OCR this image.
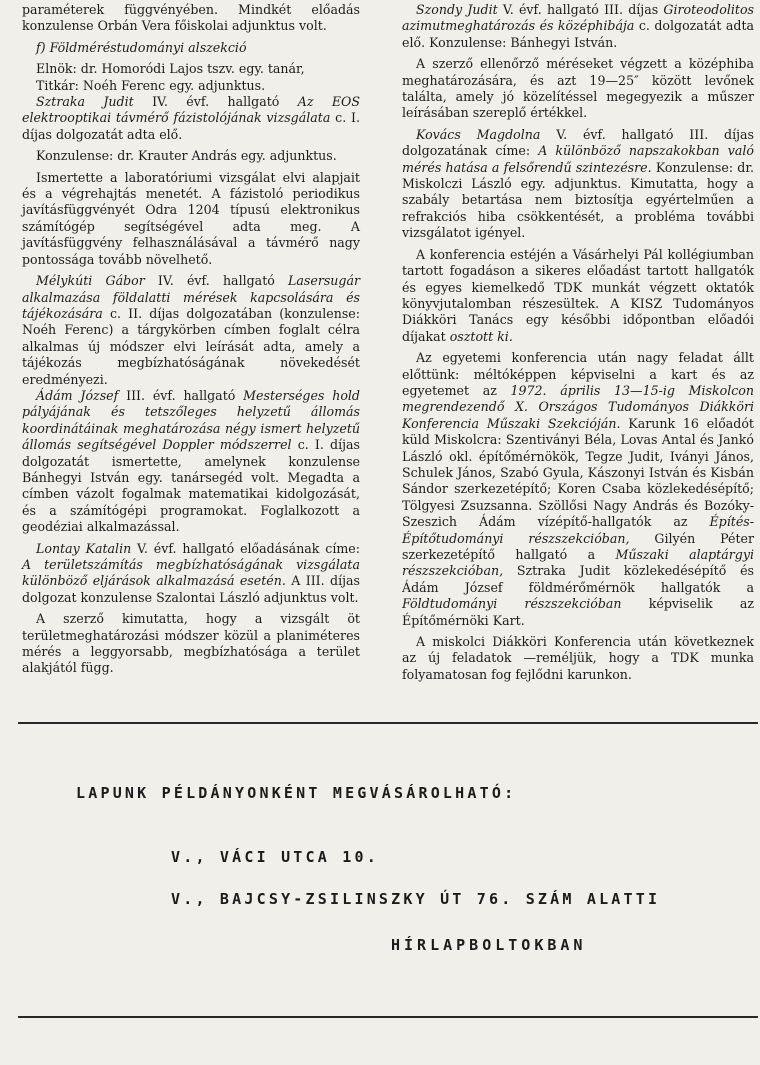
paraméterek függvényében. Mindkét előadás konzulense Orbán Vera főiskolai adjunktus volt.

f) Földméréstudományi alszekció

Elnök: dr. Homoródi Lajos tszv. egy. tanár,

Titkár: Noéh Ferenc egy. adjunktus.

Sztraka Judit IV. évf. hallgató Az EOS elektrooptikai távmérő fázistolójának vizsgálata c. I. díjas dolgozatát adta elő.

Konzulense: dr. Krauter András egy. adjunktus.

Ismertette a laboratóriumi vizsgálat elvi alapjait és a végrehajtás menetét. A fázistoló periodikus javításfüggvényét Odra 1204 típusú elektronikus számítógép segítségével adta meg. A javításfüggvény felhasználásával a távmérő nagy pontossága tovább növelhető.

Mélykúti Gábor IV. évf. hallgató Lasersugár alkalmazása földalatti mérések kapcsolására és tájékozására c. II. díjas dolgozatában (konzulense: Noéh Ferenc) a tárgykörben címben foglalt célra alkalmas új módszer elvi leírását adta, amely a tájékozás megbízhatóságának növekedését eredményezi.

Ádám József III. évf. hallgató Mesterséges hold pályájának és tetszőleges helyzetű állomás koordinátáinak meghatározása négy ismert helyzetű állomás segítségével Doppler módszerrel c. I. díjas dolgozatát ismertette, amelynek konzulense Bánhegyi István egy. tanársegéd volt. Megadta a címben vázolt fogalmak matematikai kidolgozását, és a számítógépi programokat. Foglalkozott a geodéziai alkalmazással.

Lontay Katalin V. évf. hallgató előadásának címe: A területszámítás megbízhatóságának vizsgálata különböző eljárások alkalmazásá esetén. A III. díjas dolgozat konzulense Szalontai László adjunktus volt.

A szerző kimutatta, hogy a vizsgált öt területmeghatározási módszer közül a planiméteres mérés a leggyorsabb, megbízhatósága a terület alakjától függ.

Szondy Judit V. évf. hallgató III. díjas Giroteodolitos azimutmeghatározás és középhibája c. dolgozatát adta elő. Konzulense: Bánhegyi István.

A szerző ellenőrző méréseket végzett a középhiba meghatározására, és azt 19—25″ között levőnek találta, amely jó közelítéssel megegyezik a műszer leírásában szereplő értékkel.

Kovács Magdolna V. évf. hallgató III. díjas dolgozatának címe: A különböző napszakokban való mérés hatása a felsőrendű szintezésre. Konzulense: dr. Miskolczi László egy. adjunktus. Kimutatta, hogy a szabály betartása nem biztosítja egyértelműen a refrakciós hiba csökkentését, a probléma további vizsgálatot igényel.

A konferencia estéjén a Vásárhelyi Pál kollégiumban tartott fogadáson a sikeres előadást tartott hallgatók és egyes kiemelkedő TDK munkát végzett oktatók könyvjutalomban részesültek. A KISZ Tudományos Diákköri Tanács egy későbbi időpontban előadói díjakat osztott ki.

Az egyetemi konferencia után nagy feladat állt előttünk: méltóképpen képviselni a kart és az egyetemet az 1972. április 13—15-ig Miskolcon megrendezendő X. Országos Tudományos Diákköri Konferencia Műszaki Szekcióján. Karunk 16 előadót küld Miskolcra: Szentiványi Béla, Lovas Antal és Jankó László okl. építőmérnökök, Tegze Judit, Iványi János, Schulek János, Szabó Gyula, Kászonyi István és Kisbán Sándor szerkezetépítő; Koren Csaba közlekedésépítő; Tölgyesi Zsuzsanna. Szöllősi Nagy András és Bozóky-Szeszich Ádám vízépítő-hallgatók az Építés- Építőtudományi részszekcióban, Gilyén Péter szerkezetépítő hallgató a Műszaki alaptárgyi részszekcióban, Sztraka Judit közlekedésépítő és Ádám József földmérőmérnök hallgatók a Földtudományi részszekcióban képviselik az Építőmérnöki Kart.

A miskolci Diákköri Konferencia után következnek az új feladatok —reméljük, hogy a TDK munka folyamatosan fog fejlődni karunkon.

LAPUNK PÉLDÁNYONKÉNT MEGVÁSÁROLHATÓ:
V., VÁCI UTCA 10.
V., BAJCSY-ZSILINSZKY ÚT 76. SZÁM ALATTI
HÍRLAPBOLTOKBAN
